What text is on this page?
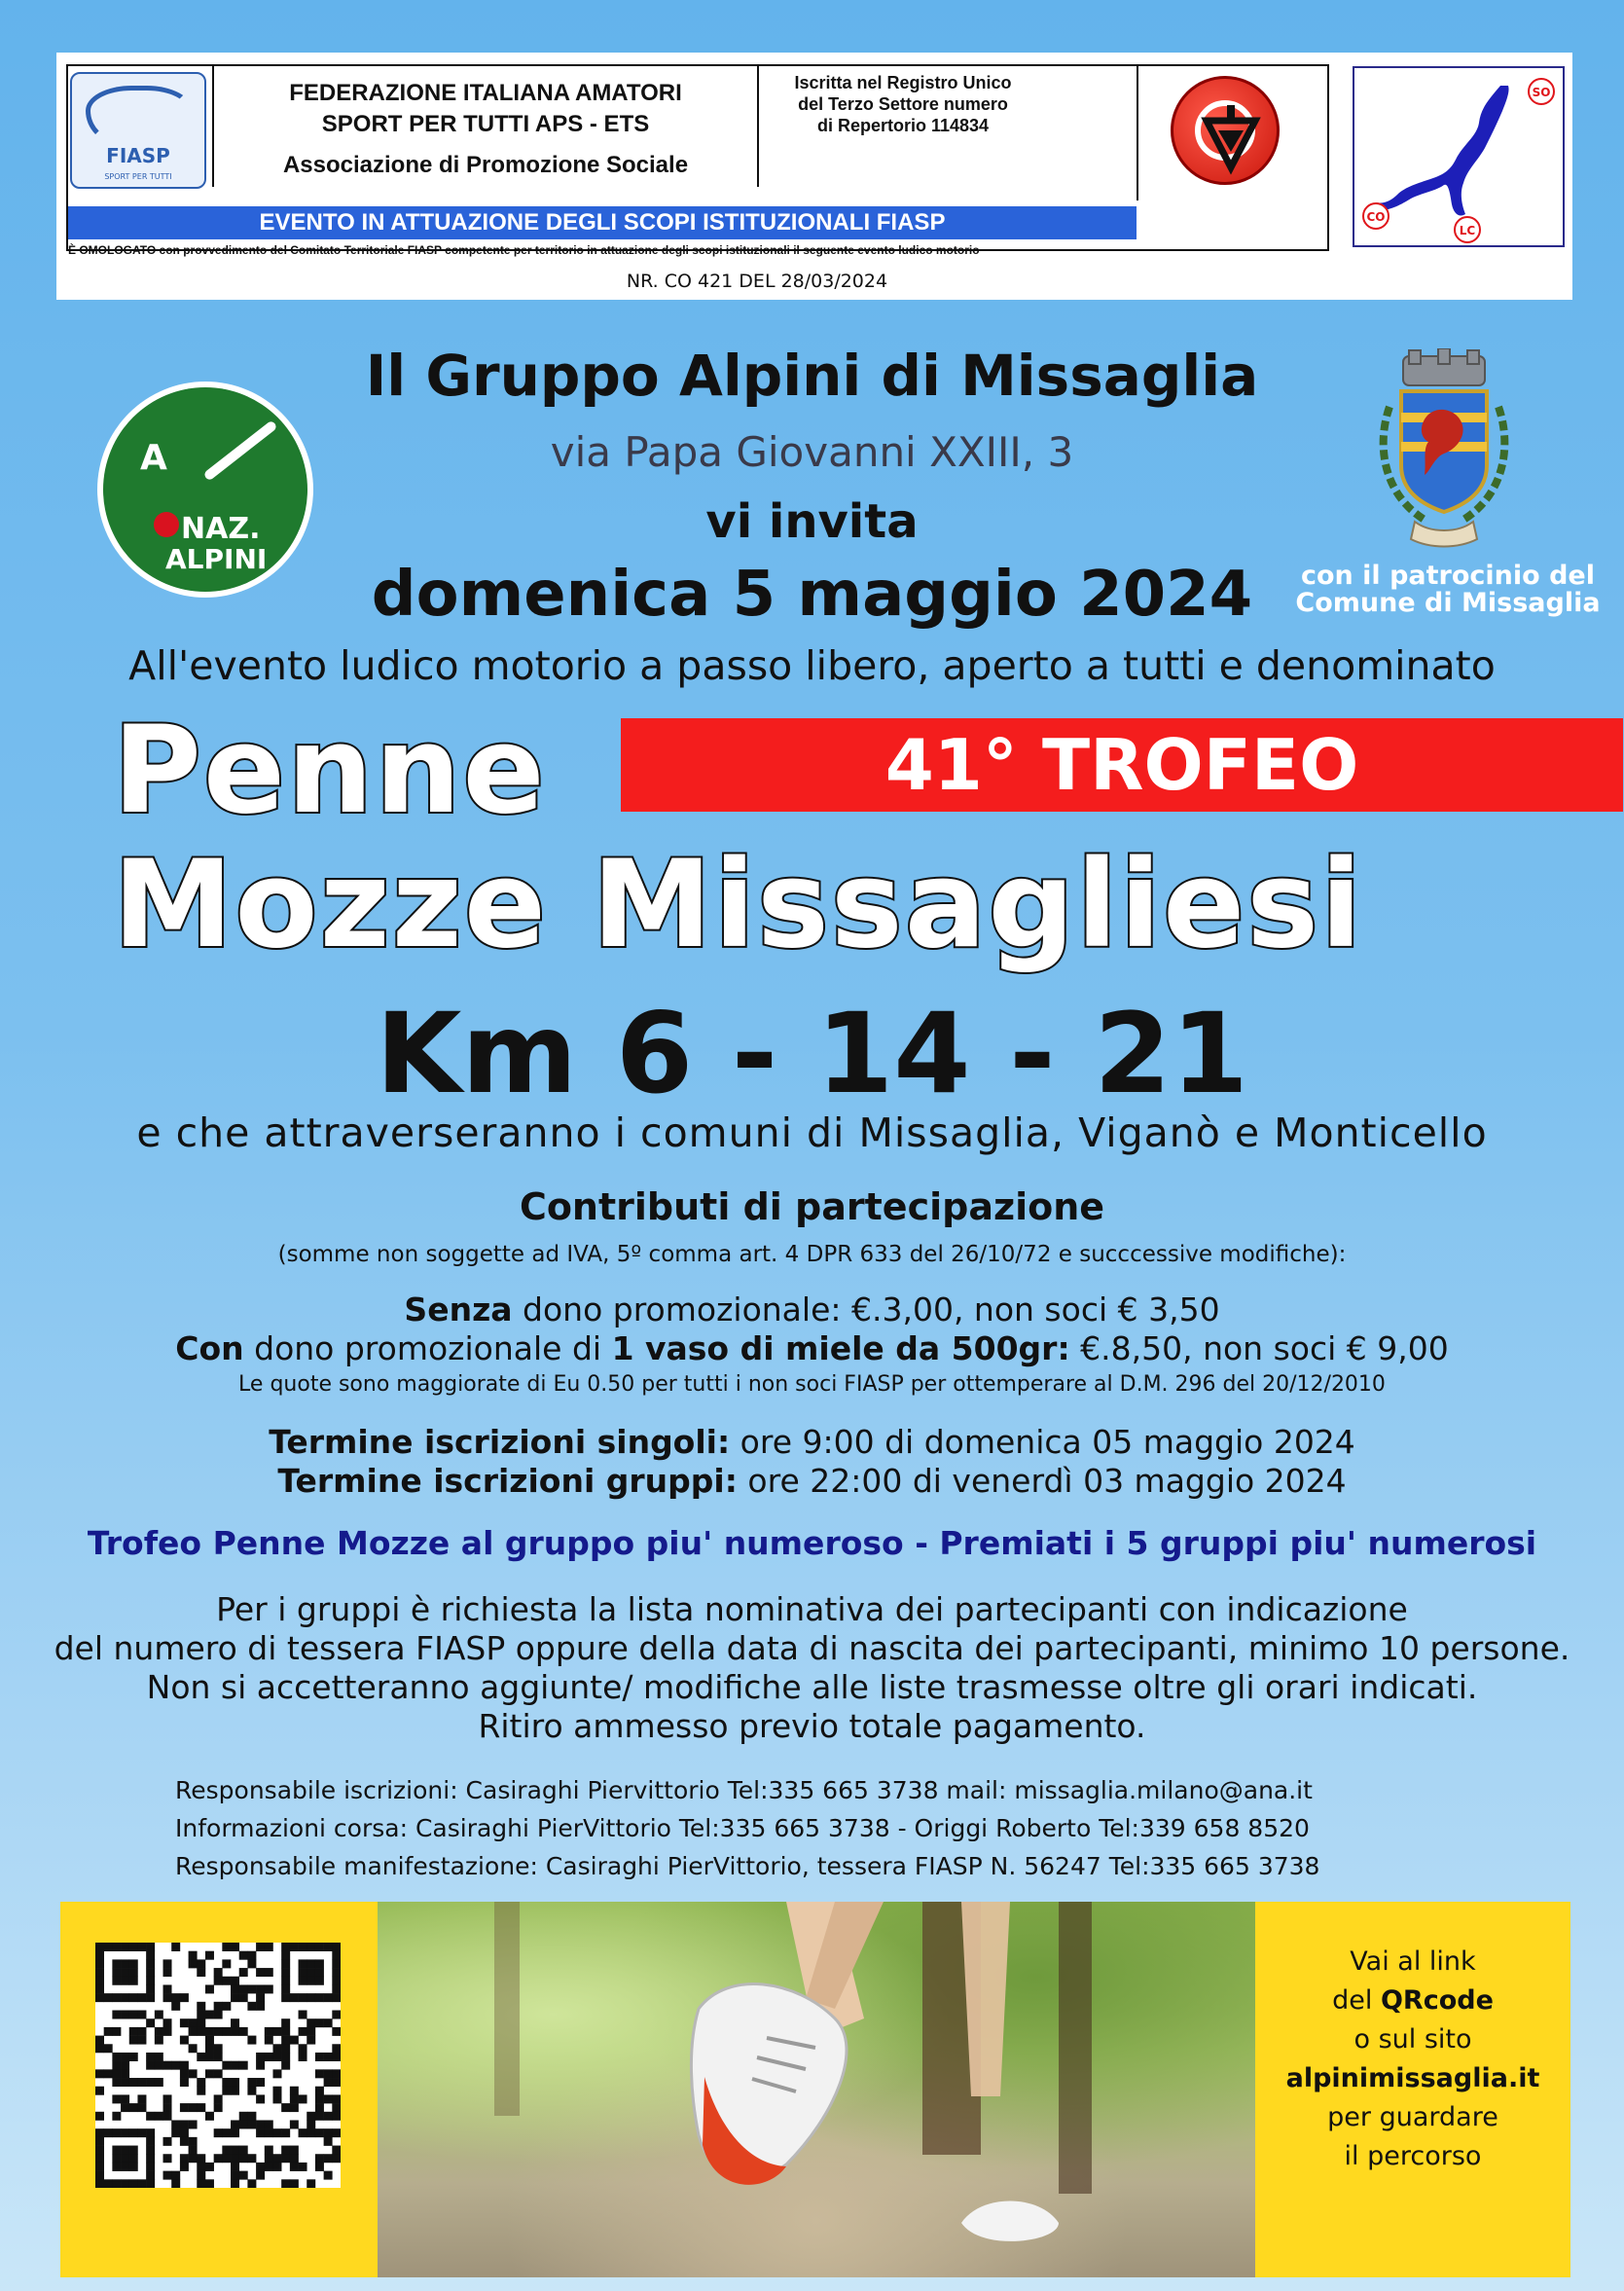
FIASP
SPORT PER TUTTI
FEDERAZIONE ITALIANA AMATORI
SPORT PER TUTTI APS - ETS
Associazione di Promozione Sociale
Iscritta nel Registro Unico
del Terzo Settore numero
di Repertorio 114834
EVENTO IN ATTUAZIONE DEGLI SCOPI ISTITUZIONALI FIASP
È OMOLOGATO con provvedimento del Comitato Territoriale FIASP competente per territorio in attuazione degli scopi istituzionali il seguente evento ludico motorio
NR. CO 421 DEL 28/03/2024
SO
CO
LC
A
NAZ.
ALPINI
Il Gruppo Alpini di Missaglia
via Papa Giovanni XXIII, 3
vi invita
domenica 5 maggio 2024	con il patrocinio del
Comune di Missaglia
All'evento ludico motorio a passo libero, aperto a tutti e denominato
41° TROFEO
Penne
Mozze Missagliesi
Km 6 - 14 - 21
e che attraverseranno i comuni di Missaglia, Viganò e Monticello
Contributi di partecipazione
(somme non soggette ad IVA, 5º comma art. 4 DPR 633 del 26/10/72 e succcessive modifiche):
Senza dono promozionale: €.3,00, non soci € 3,50
Con dono promozionale di 1 vaso di miele da 500gr: €.8,50, non soci € 9,00
Le quote sono maggiorate di Eu 0.50 per tutti i non soci FIASP per ottemperare al D.M. 296 del 20/12/2010
Termine iscrizioni singoli: ore 9:00 di domenica 05 maggio 2024
Termine iscrizioni gruppi: ore 22:00 di venerdì 03 maggio 2024
Trofeo Penne Mozze al gruppo piu' numeroso - Premiati i 5 gruppi piu' numerosi
Per i gruppi è richiesta la lista nominativa dei partecipanti con indicazione
del numero di tessera FIASP oppure della data di nascita dei partecipanti, minimo 10 persone.
Non si accetteranno aggiunte/ modifiche alle liste trasmesse oltre gli orari indicati.
Ritiro ammesso previo totale pagamento.
Responsabile iscrizioni: Casiraghi Piervittorio Tel:335 665 3738 mail: missaglia.milano@ana.it
Informazioni corsa: Casiraghi PierVittorio Tel:335 665 3738 - Origgi Roberto Tel:339 658 8520
Responsabile manifestazione: Casiraghi PierVittorio, tessera FIASP N. 56247 Tel:335 665 3738
Vai al link
del QRcode
o sul sito
alpinimissaglia.it
per guardare
il percorso
